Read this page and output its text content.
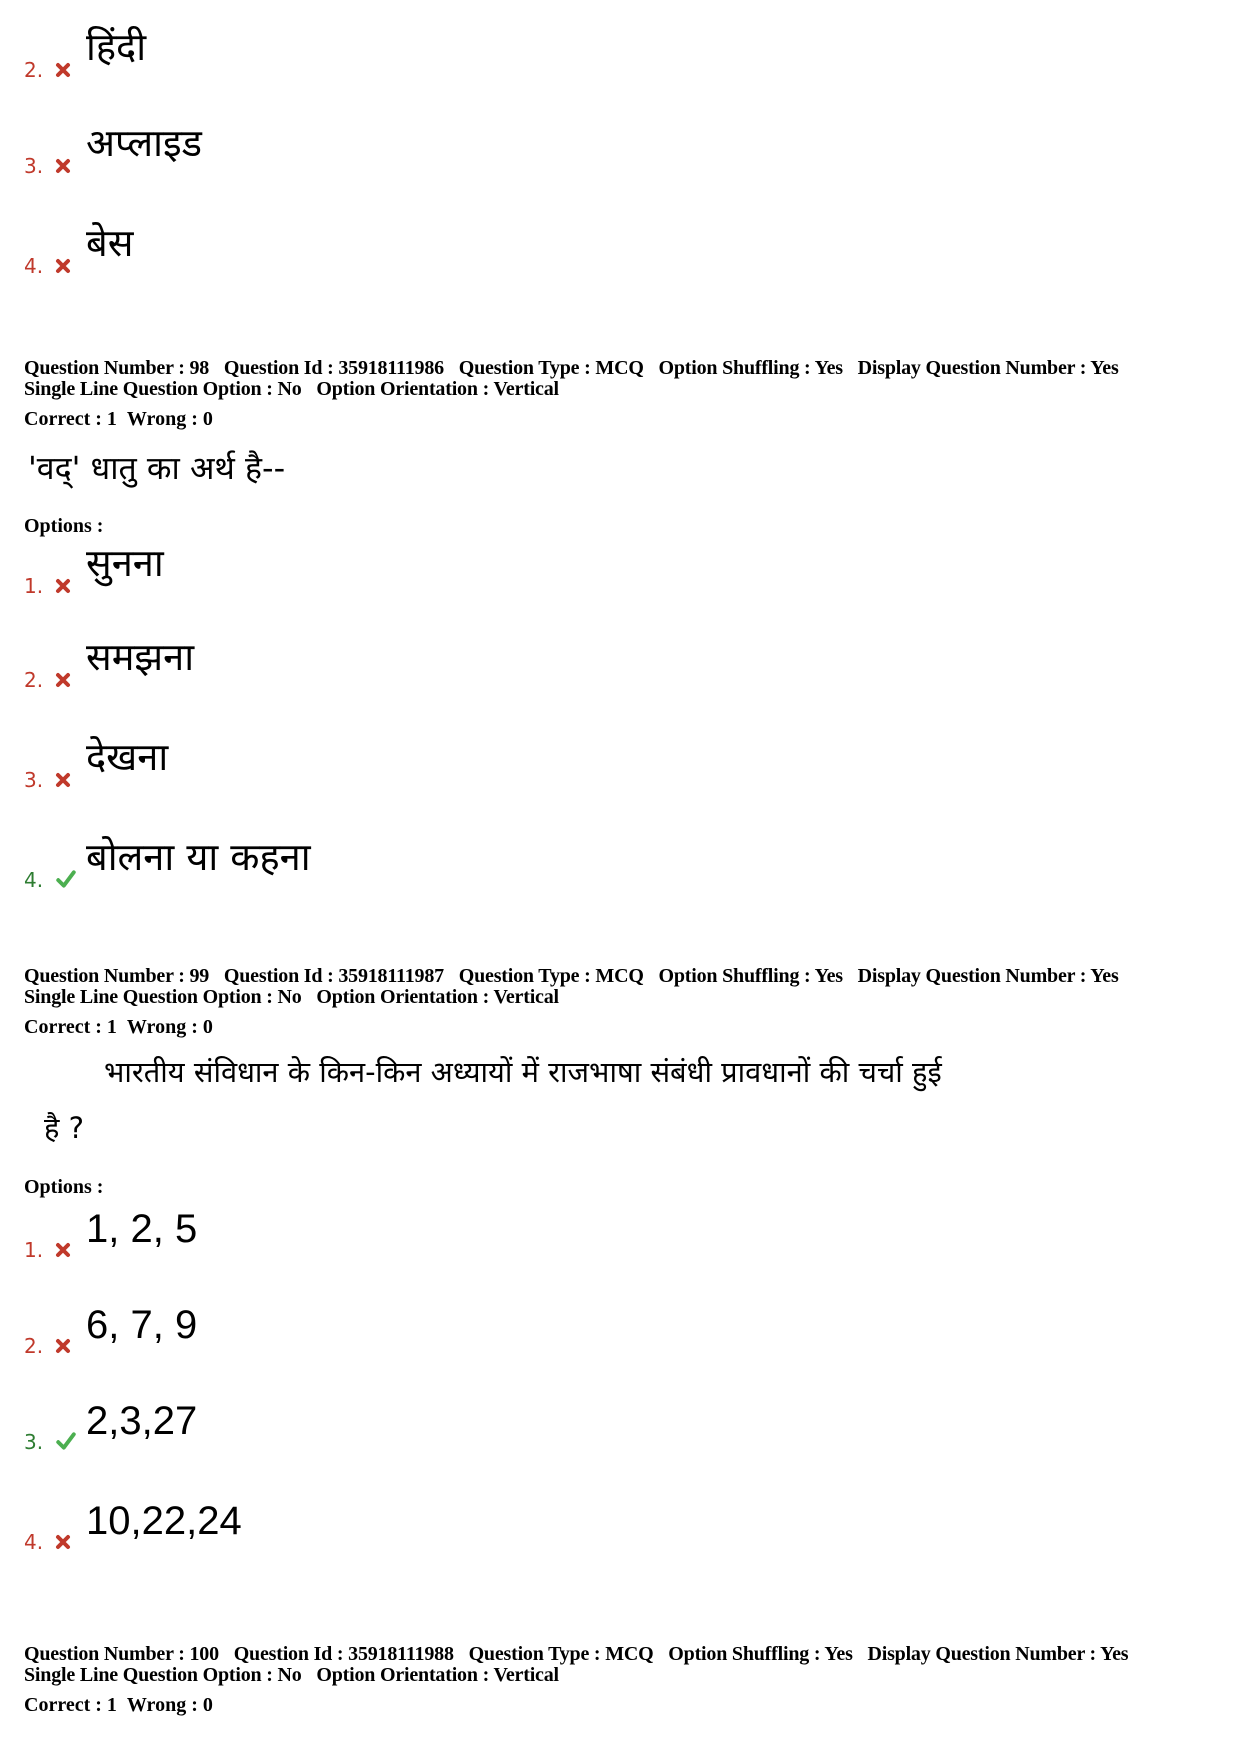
2.
हिंदी
3.
अप्लाइड
4.
बेस
Question Number : 98 Question Id : 35918111986 Question Type : MCQ Option Shuffling : Yes Display Question Number : Yes
Single Line Question Option : No Option Orientation : Vertical
Correct : 1 Wrong : 0
'वद्' धातु का अर्थ है--
Options :
1.
सुनना
2.
समझना
3.
देखना
4.
बोलना या कहना
Question Number : 99 Question Id : 35918111987 Question Type : MCQ Option Shuffling : Yes Display Question Number : Yes
Single Line Question Option : No Option Orientation : Vertical
Correct : 1 Wrong : 0
भारतीय संविधान के किन-किन अध्यायों में राजभाषा संबंधी प्रावधानों की चर्चा हुई
है ?
Options :
1. 1, 2, 5
2. 6, 7, 9
3. 2,3,27
4. 10,22,24
Question Number : 100 Question Id : 35918111988 Question Type : MCQ Option Shuffling : Yes Display Question Number : Yes
Single Line Question Option : No Option Orientation : Vertical
Correct : 1 Wrong : 0
